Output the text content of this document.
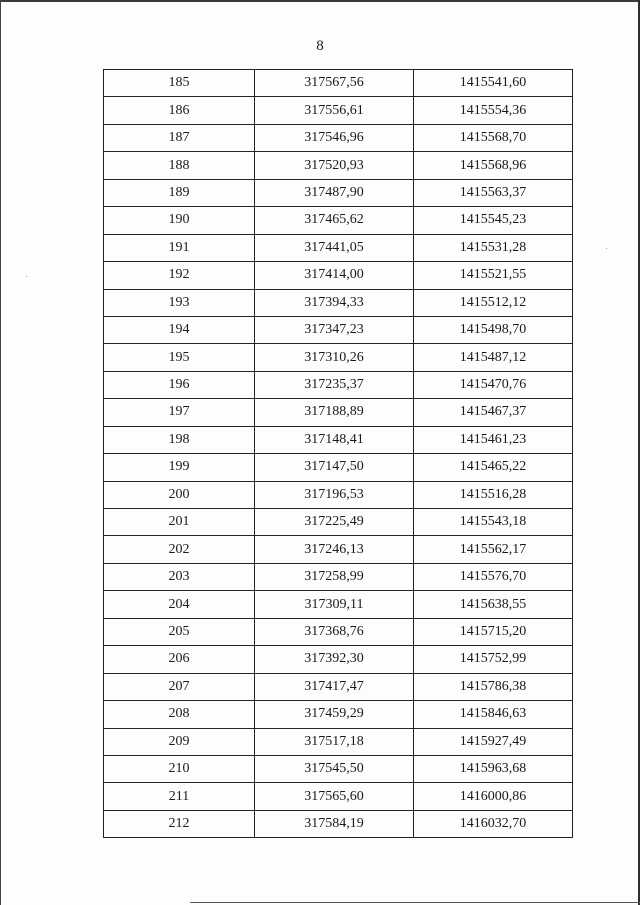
8
185	317567,56	1415541,60
186	317556,61	1415554,36
187	317546,96	1415568,70
188	317520,93	1415568,96
189	317487,90	1415563,37
190	317465,62	1415545,23
191	317441,05	1415531,28
192	317414,00	1415521,55
193	317394,33	1415512,12
194	317347,23	1415498,70
195	317310,26	1415487,12
196	317235,37	1415470,76
197	317188,89	1415467,37
198	317148,41	1415461,23
199	317147,50	1415465,22
200	317196,53	1415516,28
201	317225,49	1415543,18
202	317246,13	1415562,17
203	317258,99	1415576,70
204	317309,11	1415638,55
205	317368,76	1415715,20
206	317392,30	1415752,99
207	317417,47	1415786,38
208	317459,29	1415846,63
209	317517,18	1415927,49
210	317545,50	1415963,68
211	317565,60	1416000,86
212	317584,19	1416032,70
